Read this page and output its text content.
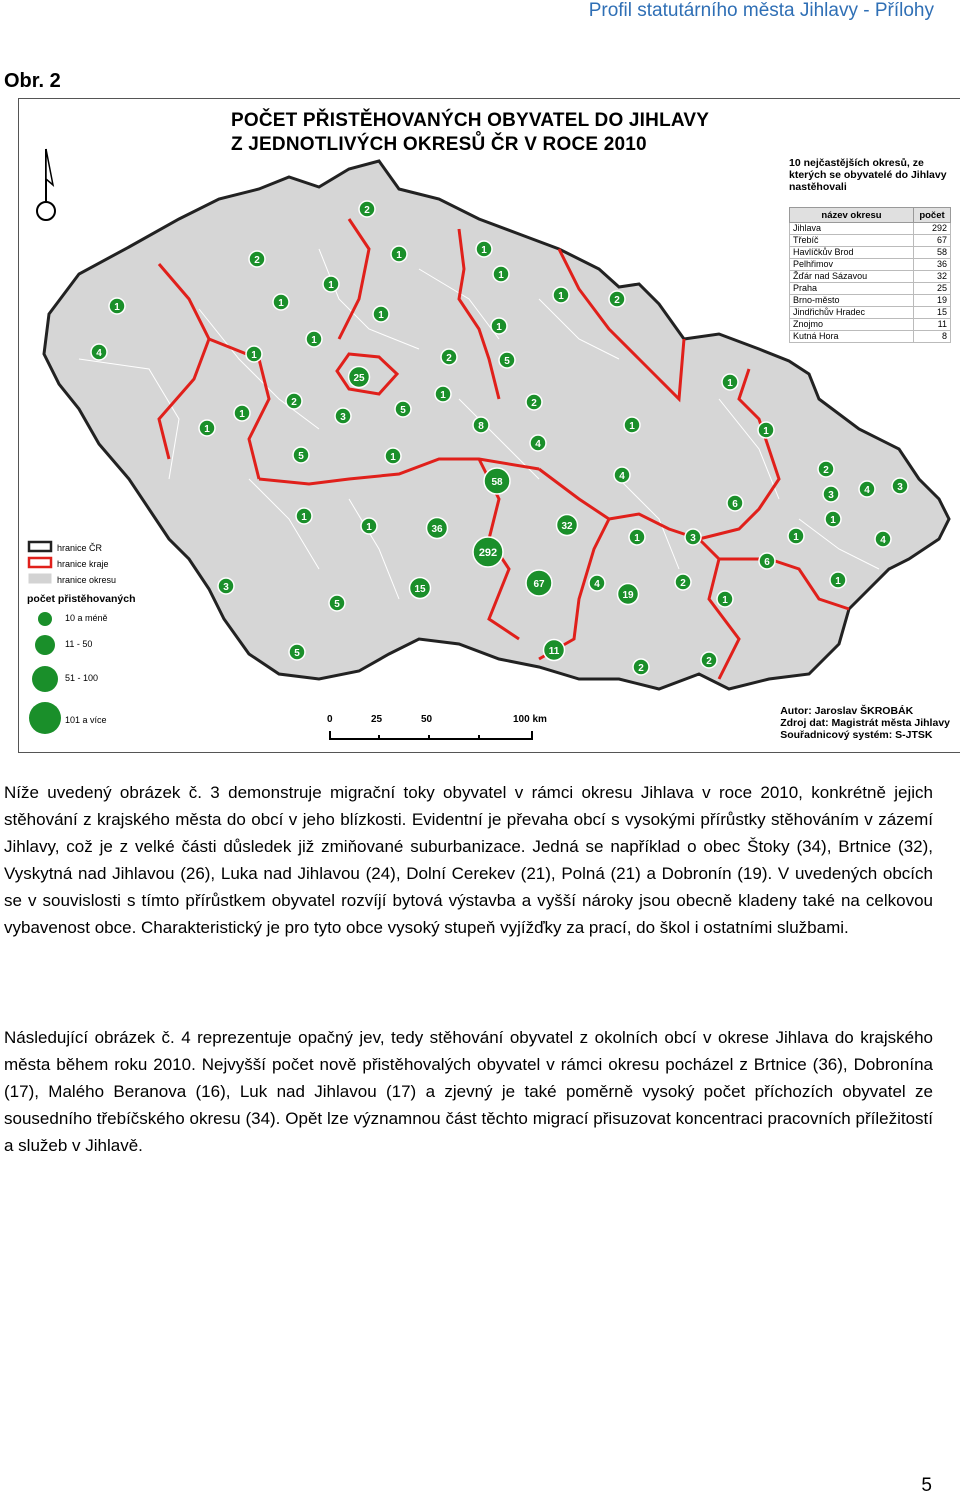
Profil statutárního města Jihlavy - Přílohy
Obr. 2
POČET PŘISTĚHOVANÝCH OBYVATEL DO JIHLAVY
Z JEDNOTLIVÝCH OKRESŮ ČR V ROCE 2010
10 nejčastějších okresů, ze kterých se obyvatelé do Jihlavy nastěhovali
název okresu	počet
Jihlava	292
Třebíč	67
Havlíčkův Brod	58
Pelhřimov	36
Žďár nad Sázavou	32
Praha	25
Brno-město	19
Jindřichův Hradec	15
Znojmo	11
Kutná Hora	8
hranice ČR
hranice kraje
hranice okresu
počet přistěhovaných
10 a méně
11 - 50
51 - 100
101 a více	0	25	50	100 km
Autor: Jaroslav ŠKROBÁK
Zdroj dat: Magistrát města Jihlavy
Souřadnicový systém: S-JTSK
2
2	1	1
1	1
1
1
2
4	1
1
1
1
1
2	5
25
1
2
3
5
1
2
1
1
1
5
1
8
4
4
1
58
1
1
3
36	32
292
6
2
4	3
1
1	3	4
3	15	67	4
19
2
1
1
5
11
5
2
2
1
6
Níže uvedený obrázek č. 3 demonstruje migrační toky obyvatel v rámci okresu Jihlava v roce 2010, konkrétně jejich stěhování z krajského města do obcí v jeho blízkosti. Evidentní je převaha obcí s vysokými přírůstky stěhováním v zázemí Jihlavy, což je z velké části důsledek již zmiňované suburbanizace. Jedná se například o obec Štoky (34), Brtnice (32), Vyskytná nad Jihlavou (26), Luka nad Jihlavou (24), Dolní Cerekev (21), Polná (21) a Dobronín (19). V uvedených obcích se v souvislosti s tímto přírůstkem obyvatel rozvíjí bytová výstavba a vyšší nároky jsou obecně kladeny také na celkovou vybavenost obce. Charakteristický je pro tyto obce vysoký stupeň vyjížďky za prací, do škol i ostatními službami.
Následující obrázek č. 4 reprezentuje opačný jev, tedy stěhování obyvatel z okolních obcí v okrese Jihlava do krajského města během roku 2010. Nejvyšší počet nově přistěhovalých obyvatel v rámci okresu pocházel z Brtnice (36), Dobronína (17), Malého Beranova (16), Luk nad Jihlavou (17) a zjevný je také poměrně vysoký počet příchozích obyvatel ze sousedního třebíčského okresu (34). Opět lze významnou část těchto migrací přisuzovat koncentraci pracovních příležitostí a služeb v Jihlavě.
5
